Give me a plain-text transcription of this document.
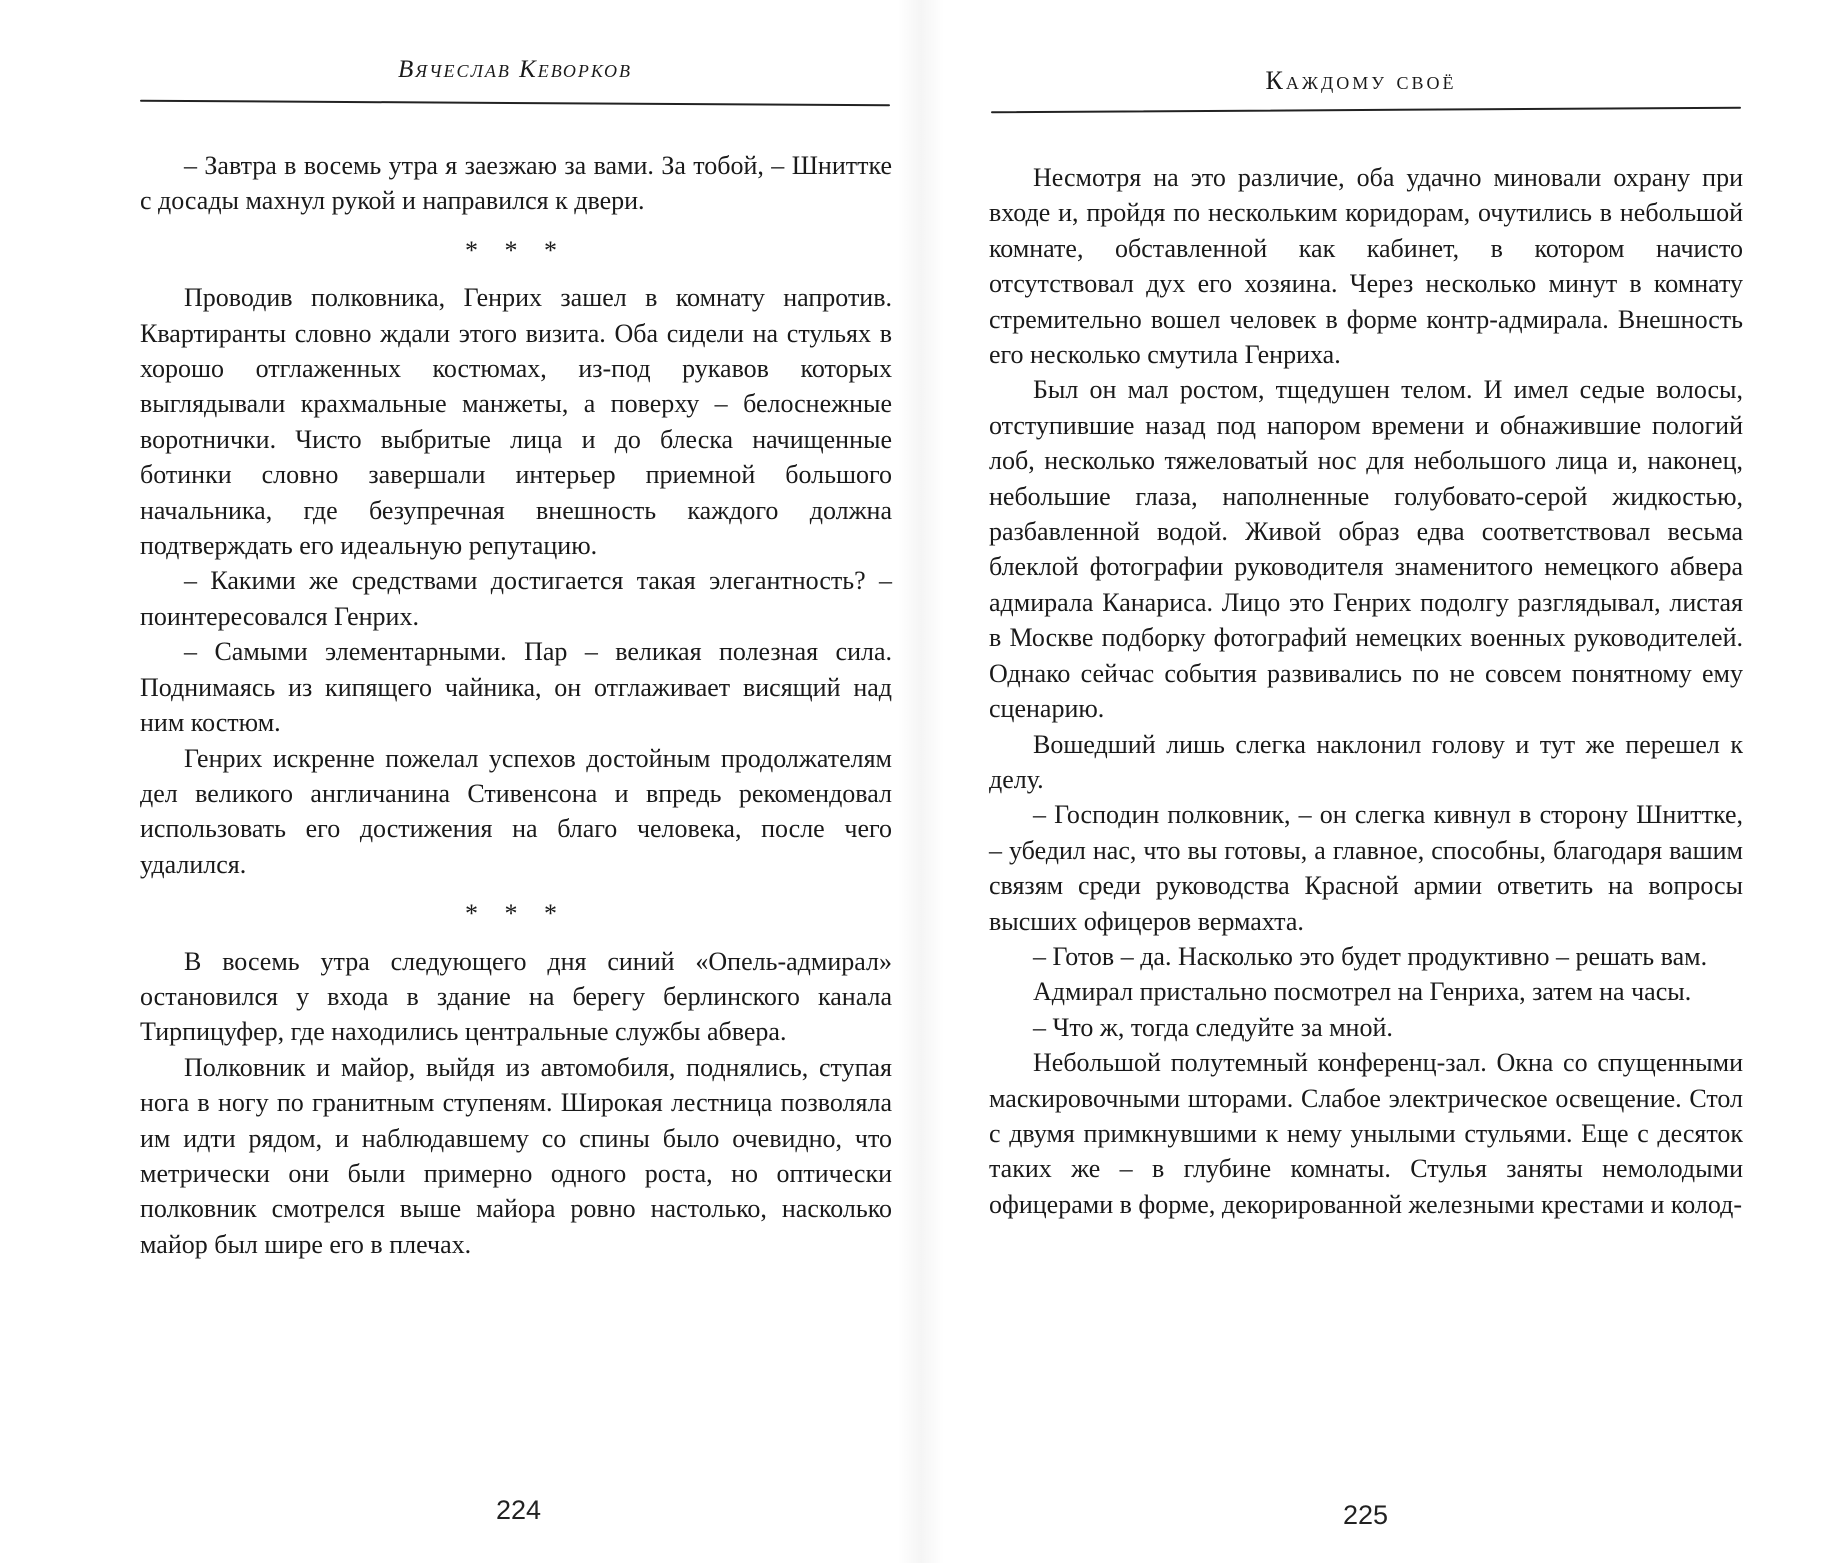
Вячеслав Кеворков

– Завтра в восемь утра я заезжаю за вами. За тобой, – Шниттке с досады махнул рукой и направился к двери.

* * *

Проводив полковника, Генрих зашел в комнату напротив. Квартиранты словно ждали этого визита. Оба сидели на стульях в хорошо отглаженных костюмах, из-под рукавов которых выглядывали крахмальные манжеты, а поверху – белоснежные воротнички. Чисто выбритые лица и до блеска начищенные ботинки словно завершали интерьер приемной большого начальника, где безупречная внешность каждого должна подтверждать его идеальную репутацию.

– Какими же средствами достигается такая элегантность? – поинтересовался Генрих.

– Самыми элементарными. Пар – великая полезная сила. Поднимаясь из кипящего чайника, он отглаживает висящий над ним костюм.

Генрих искренне пожелал успехов достойным продолжателям дел великого англичанина Стивенсона и впредь рекомендовал использовать его достижения на благо человека, после чего удалился.

* * *

В восемь утра следующего дня синий «Опель-адмирал» остановился у входа в здание на берегу берлинского канала Тирпицуфер, где находились центральные службы абвера.

Полковник и майор, выйдя из автомобиля, поднялись, ступая нога в ногу по гранитным ступеням. Широкая лестница позволяла им идти рядом, и наблюдавшему со спины было очевидно, что метрически они были примерно одного роста, но оптически полковник смотрелся выше майора ровно настолько, насколько майор был шире его в плечах.

224
Каждому своё

Несмотря на это различие, оба удачно миновали охрану при входе и, пройдя по нескольким коридорам, очутились в небольшой комнате, обставленной как кабинет, в котором начисто отсутствовал дух его хозяина. Через несколько минут в комнату стремительно вошел человек в форме контр-адмирала. Внешность его несколько смутила Генриха.

Был он мал ростом, тщедушен телом. И имел седые волосы, отступившие назад под напором времени и обнажившие пологий лоб, несколько тяжеловатый нос для небольшого лица и, наконец, небольшие глаза, наполненные голубовато-серой жидкостью, разбавленной водой. Живой образ едва соответствовал весьма блеклой фотографии руководителя знаменитого немецкого абвера адмирала Канариса. Лицо это Генрих подолгу разглядывал, листая в Москве подборку фотографий немецких военных руководителей. Однако сейчас события развивались по не совсем понятному ему сценарию.

Вошедший лишь слегка наклонил голову и тут же перешел к делу.

– Господин полковник, – он слегка кивнул в сторону Шниттке, – убедил нас, что вы готовы, а главное, способны, благодаря вашим связям среди руководства Красной армии ответить на вопросы высших офицеров вермахта.

– Готов – да. Насколько это будет продуктивно – решать вам.

Адмирал пристально посмотрел на Генриха, затем на часы.

– Что ж, тогда следуйте за мной.

Небольшой полутемный конференц-зал. Окна со спущенными маскировочными шторами. Слабое электрическое освещение. Стол с двумя примкнувшими к нему унылыми стульями. Еще с десяток таких же – в глубине комнаты. Стулья заняты немолодыми офицерами в форме, декорированной железными крестами и колод-

225
